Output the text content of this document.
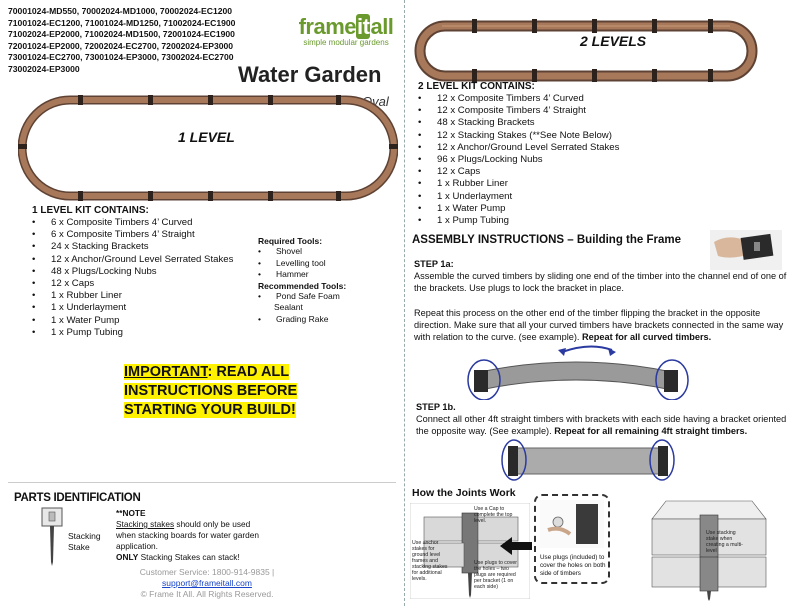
70001024-MD550, 70002024-MD1000, 70002024-EC1200
71001024-EC1200, 71001024-MD1250, 71002024-EC1900
71002024-EP2000, 71002024-MD1500, 72001024-EC1900
72001024-EP2000, 72002024-EC2700, 72002024-EP3000
73001024-EC2700, 73001024-EP3000, 73002024-EC2700
73002024-EP3000
frameitall
simple modular gardens
Water Garden
Oval
1 LEVEL
1 LEVEL KIT CONTAINS:
• 6 x Composite Timbers 4’ Curved
• 6 x Composite Timbers 4’ Straight
• 24 x Stacking Brackets
• 12 x Anchor/Ground Level Serrated Stakes
• 48 x Plugs/Locking Nubs
• 12 x Caps
• 1 x Rubber Liner
• 1 x Underlayment
• 1 x Water Pump
• 1 x Pump Tubing
Required Tools:
• Shovel
• Levelling tool
• Hammer
Recommended Tools:
• Pond Safe Foam
Sealant
• Grading Rake
IMPORTANT: READ ALL
INSTRUCTIONS BEFORE
STARTING YOUR BUILD!
PARTS IDENTIFICATION
Stacking
Stake
**NOTE
Stacking stakes should only be used when stacking boards for water garden application.
ONLY Stacking Stakes can stack!
Customer Service: 1800-914-9835 |
support@frameitall.com
© Frame It All. All Rights Reserved.
2 LEVELS
2 LEVEL KIT CONTAINS:
• 12 x Composite Timbers 4’ Curved
• 12 x Composite Timbers 4’ Straight
• 48 x Stacking Brackets
• 12 x Stacking Stakes (**See Note Below)
• 12 x Anchor/Ground Level Serrated Stakes
• 96 x Plugs/Locking Nubs
• 12 x Caps
• 1 x Rubber Liner
• 1 x Underlayment
• 1 x Water Pump
• 1 x Pump Tubing
ASSEMBLY INSTRUCTIONS – Building the Frame
STEP 1a:
Assemble the curved timbers by sliding one end of the timber into the channel end of one of the brackets. Use plugs to lock the bracket in place.
Repeat this process on the other end of the timber flipping the bracket in the opposite direction. Make sure that all your curved timbers have brackets connected in the same way with relation to the curve. (see example). Repeat for all curved timbers.
STEP 1b.
Connect all other 4ft straight timbers with brackets with each side having a bracket oriented the opposite way. (See example). Repeat for all remaining 4ft straight timbers.
How the Joints Work
Use a Cap to complete the top level.
Use anchor stakes for ground level frames and stacking stakes for additional levels.
Use plugs to cover the holes – two plugs are required per bracket (1 on each side)
Use plugs (included) to cover the holes on both side of timbers
Use stacking stake when creating a multi-level
